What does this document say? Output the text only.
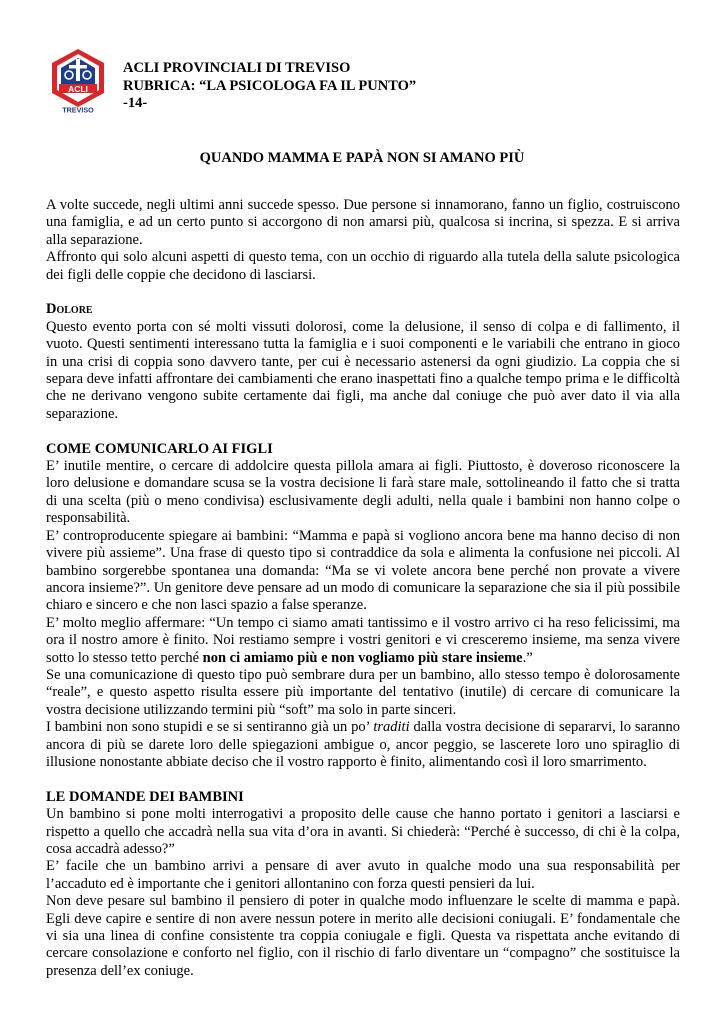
ACLI
TREVISO
ACLI PROVINCIALI DI TREVISO
RUBRICA: “LA PSICOLOGA FA IL PUNTO”
-14-
QUANDO MAMMA E PAPÀ NON SI AMANO PIÙ

A volte succede, negli ultimi anni succede spesso. Due persone si innamorano, fanno un figlio, costruiscono una famiglia, e ad un certo punto si accorgono di non amarsi più, qualcosa si incrina, si spezza. E si arriva alla separazione.

Affronto qui solo alcuni aspetti di questo tema, con un occhio di riguardo alla tutela della salute psicologica dei figli delle coppie che decidono di lasciarsi.

Dolore

Questo evento porta con sé molti vissuti dolorosi, come la delusione, il senso di colpa e di fallimento, il vuoto. Questi sentimenti interessano tutta la famiglia e i suoi componenti e le variabili che entrano in gioco in una crisi di coppia sono davvero tante, per cui è necessario astenersi da ogni giudizio. La coppia che si separa deve infatti affrontare dei cambiamenti che erano inaspettati fino a qualche tempo prima e le difficoltà che ne derivano vengono subite certamente dai figli, ma anche dal coniuge che può aver dato il via alla separazione.

COME COMUNICARLO AI FIGLI

E’ inutile mentire, o cercare di addolcire questa pillola amara ai figli. Piuttosto, è doveroso riconoscere la loro delusione e domandare scusa se la vostra decisione li farà stare male, sottolineando il fatto che si tratta di una scelta (più o meno condivisa) esclusivamente degli adulti, nella quale i bambini non hanno colpe o responsabilità.

E’ controproducente spiegare ai bambini: “Mamma e papà si vogliono ancora bene ma hanno deciso di non vivere più assieme”. Una frase di questo tipo si contraddice da sola e alimenta la confusione nei piccoli. Al bambino sorgerebbe spontanea una domanda: “Ma se vi volete ancora bene perché non provate a vivere ancora insieme?”. Un genitore deve pensare ad un modo di comunicare la separazione che sia il più possibile chiaro e sincero e che non lasci spazio a false speranze.

E’ molto meglio affermare: “Un tempo ci siamo amati tantissimo e il vostro arrivo ci ha reso felicissimi, ma ora il nostro amore è finito. Noi restiamo sempre i vostri genitori e vi cresceremo insieme, ma senza vivere sotto lo stesso tetto perché non ci amiamo più e non vogliamo più stare insieme.”

Se una comunicazione di questo tipo può sembrare dura per un bambino, allo stesso tempo è dolorosamente “reale”, e questo aspetto risulta essere più importante del tentativo (inutile) di cercare di comunicare la vostra decisione utilizzando termini più “soft” ma solo in parte sinceri.

I bambini non sono stupidi e se si sentiranno già un po’ traditi dalla vostra decisione di separarvi, lo saranno ancora di più se darete loro delle spiegazioni ambigue o, ancor peggio, se lascerete loro uno spiraglio di illusione nonostante abbiate deciso che il vostro rapporto è finito, alimentando così il loro smarrimento.

LE DOMANDE DEI BAMBINI

Un bambino si pone molti interrogativi a proposito delle cause che hanno portato i genitori a lasciarsi e rispetto a quello che accadrà nella sua vita d’ora in avanti. Si chiederà: “Perché è successo, di chi è la colpa, cosa accadrà adesso?”

E’ facile che un bambino arrivi a pensare di aver avuto in qualche modo una sua responsabilità per l’accaduto ed è importante che i genitori allontanino con forza questi pensieri da lui.

Non deve pesare sul bambino il pensiero di poter in qualche modo influenzare le scelte di mamma e papà. Egli deve capire e sentire di non avere nessun potere in merito alle decisioni coniugali. E’ fondamentale che vi sia una linea di confine consistente tra coppia coniugale e figli. Questa va rispettata anche evitando di cercare consolazione e conforto nel figlio, con il rischio di farlo diventare un “compagno” che sostituisce la presenza dell’ex coniuge.
